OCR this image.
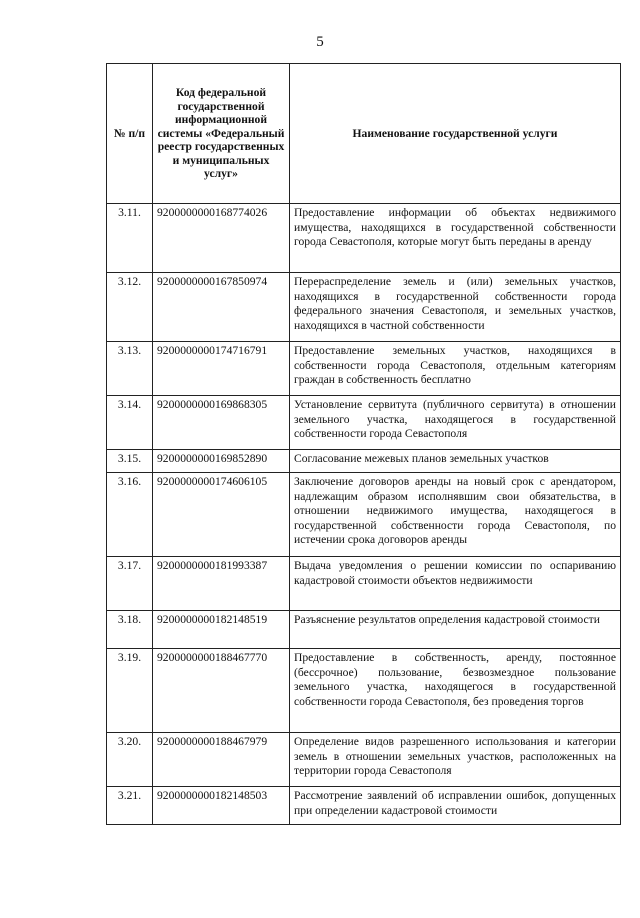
5
№ п/п	Код федеральной государственной информационной системы «Федеральный реестр государственных и муниципальных услуг»	Наименование государственной услуги
3.11.	9200000000168774026	Предоставление информации об объектах недвижимого имущества, находящихся в государственной собственности города Севастополя, которые могут быть переданы в аренду
3.12.	9200000000167850974	Перераспределение земель и (или) земельных участков, находящихся в государственной собственности города федерального значения Севастополя, и земельных участков, находящихся в частной собственности
3.13.	9200000000174716791	Предоставление земельных участков, находящихся в собственности города Севастополя, отдельным категориям граждан в собственность бесплатно
3.14.	9200000000169868305	Установление сервитута (публичного сервитута) в отношении земельного участка, находящегося в государственной собственности города Севастополя
3.15.	9200000000169852890	Согласование межевых планов земельных участков
3.16.	9200000000174606105	Заключение договоров аренды на новый срок с арендатором, надлежащим образом исполнявшим свои обязательства, в отношении недвижимого имущества, находящегося в государственной собственности города Севастополя, по истечении срока договоров аренды
3.17.	9200000000181993387	Выдача уведомления о решении комиссии по оспариванию кадастровой стоимости объектов недвижимости
3.18.	9200000000182148519	Разъяснение результатов определения кадастровой стоимости
3.19.	9200000000188467770	Предоставление в собственность, аренду, постоянное (бессрочное) пользование, безвозмездное пользование земельного участка, находящегося в государственной собственности города Севастополя, без проведения торгов
3.20.	9200000000188467979	Определение видов разрешенного использования и категории земель в отношении земельных участков, расположенных на территории города Севастополя
3.21.	9200000000182148503	Рассмотрение заявлений об исправлении ошибок, допущенных при определении кадастровой стоимости
